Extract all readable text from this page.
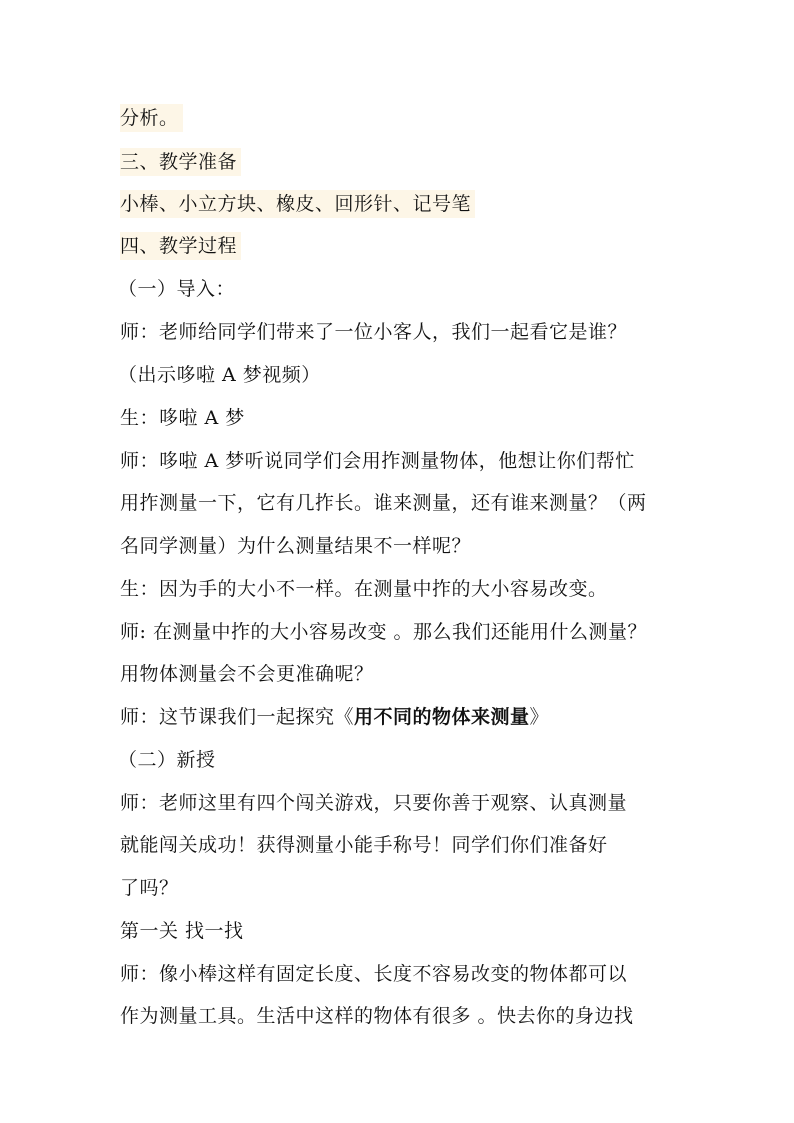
分析。
三、教学准备
小棒、小立方块、橡皮、回形针、记号笔
四、教学过程
（一）导入：
师：老师给同学们带来了一位小客人，我们一起看它是谁？
（出示哆啦 A 梦视频）
生：哆啦 A 梦
师：哆啦 A 梦听说同学们会用拃测量物体，他想让你们帮忙
用拃测量一下，它有几拃长。谁来测量，还有谁来测量？（两
名同学测量）为什么测量结果不一样呢？
生：因为手的大小不一样。在测量中拃的大小容易改变。
师: 在测量中拃的大小容易改变 。那么我们还能用什么测量？
用物体测量会不会更准确呢？
师：这节课我们一起探究《用不同的物体来测量》
（二）新授
师：老师这里有四个闯关游戏，只要你善于观察、认真测量
就能闯关成功！获得测量小能手称号！同学们你们准备好
了吗？
第一关 找一找
师：像小棒这样有固定长度、长度不容易改变的物体都可以
作为测量工具。生活中这样的物体有很多 。快去你的身边找
